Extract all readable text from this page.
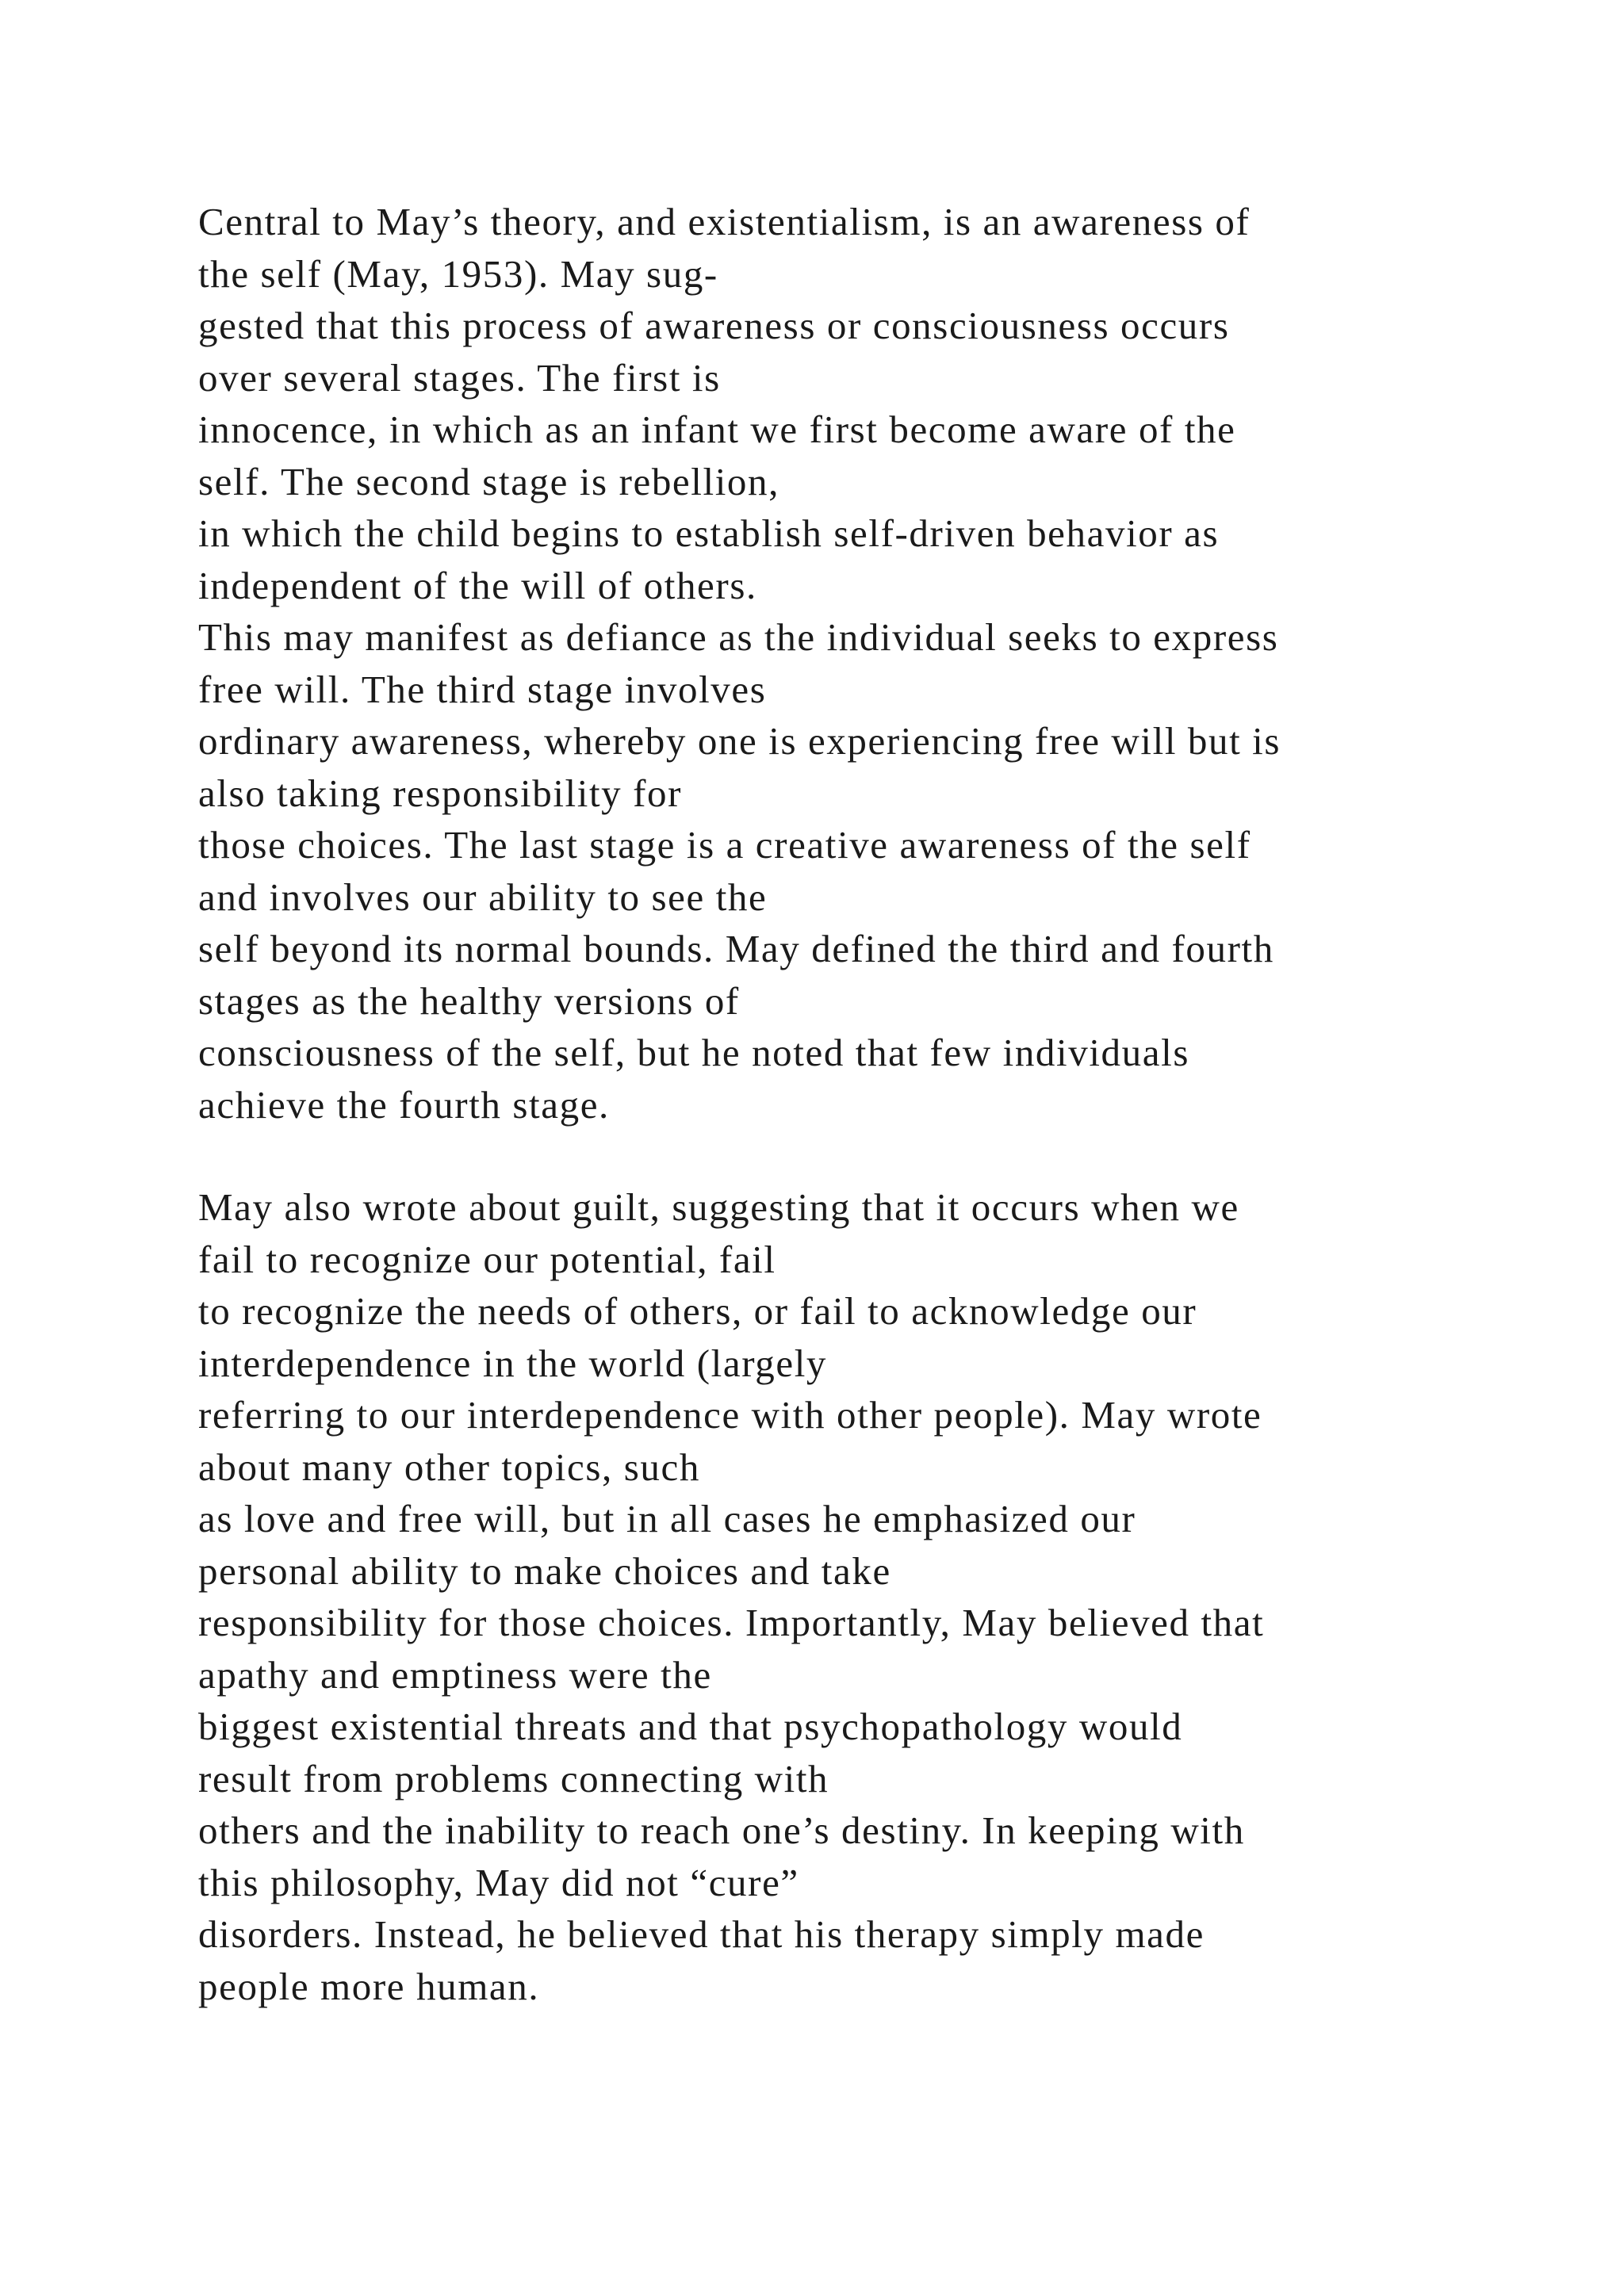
Central to May’s theory, and existentialism, is an awareness of
the self (May, 1953). May sug-
gested that this process of awareness or consciousness occurs
over several stages. The first is
innocence, in which as an infant we first become aware of the
self. The second stage is rebellion,
in which the child begins to establish self-driven behavior as
independent of the will of others.
This may manifest as defiance as the individual seeks to express
free will. The third stage involves
ordinary awareness, whereby one is experiencing free will but is
also taking responsibility for
those choices. The last stage is a creative awareness of the self
and involves our ability to see the
self beyond its normal bounds. May defined the third and fourth
stages as the healthy versions of
consciousness of the self, but he noted that few individuals
achieve the fourth stage.

May also wrote about guilt, suggesting that it occurs when we
fail to recognize our potential, fail
to recognize the needs of others, or fail to acknowledge our
interdependence in the world (largely
referring to our interdependence with other people). May wrote
about many other topics, such
as love and free will, but in all cases he emphasized our
personal ability to make choices and take
responsibility for those choices. Importantly, May believed that
apathy and emptiness were the
biggest existential threats and that psychopathology would
result from problems connecting with
others and the inability to reach one’s destiny. In keeping with
this philosophy, May did not “cure”
disorders. Instead, he believed that his therapy simply made
people more human.
